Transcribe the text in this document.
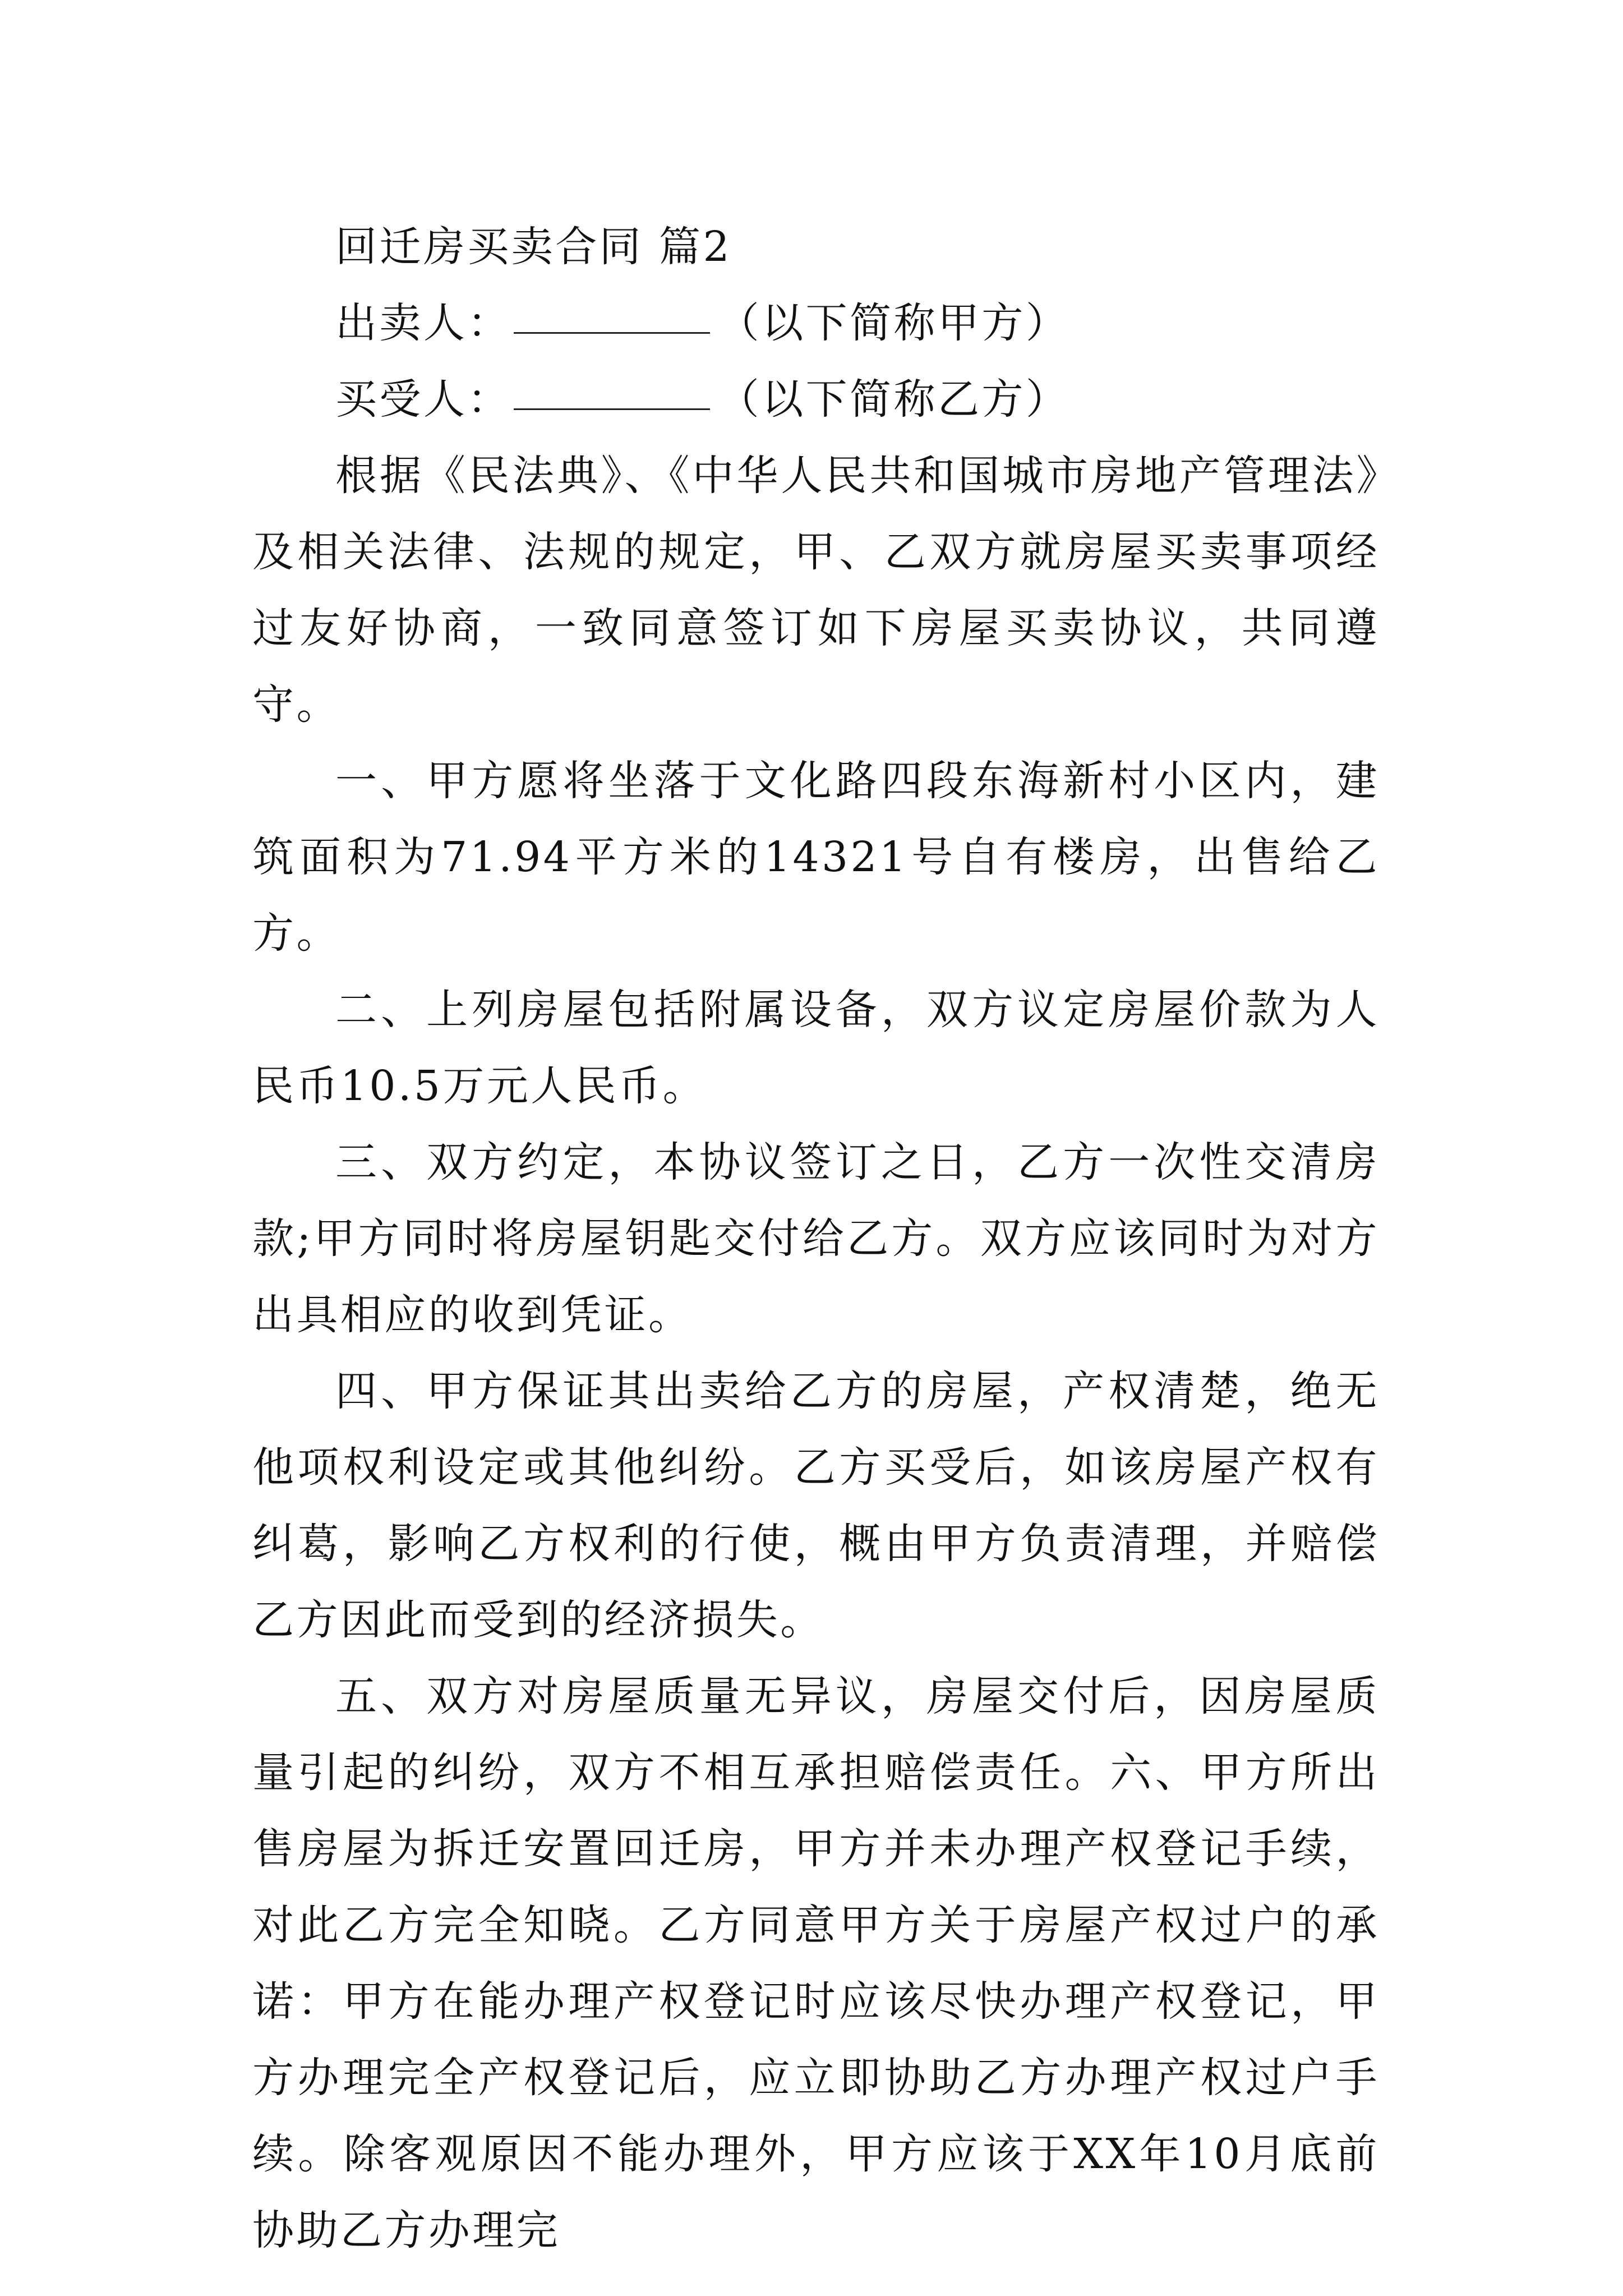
回迁房买卖合同 篇2
出卖人：	（以下简称甲方）
买受人：	（以下简称乙方）

根据《民法典》、《中华人民共和国城市房地产管理法》及相关法律、法规的规定，甲、乙双方就房屋买卖事项经过友好协商，一致同意签订如下房屋买卖协议，共同遵守。

一、甲方愿将坐落于文化路四段东海新村小区内，建筑面积为71.94平方米的14321号自有楼房，出售给乙方。

二、上列房屋包括附属设备，双方议定房屋价款为人民币10.5万元人民币。

三、双方约定，本协议签订之日，乙方一次性交清房款;甲方同时将房屋钥匙交付给乙方。双方应该同时为对方出具相应的收到凭证。

四、甲方保证其出卖给乙方的房屋，产权清楚，绝无他项权利设定或其他纠纷。乙方买受后，如该房屋产权有纠葛，影响乙方权利的行使，概由甲方负责清理，并赔偿乙方因此而受到的经济损失。

五、双方对房屋质量无异议，房屋交付后，因房屋质量引起的纠纷，双方不相互承担赔偿责任。六、甲方所出售房屋为拆迁安置回迁房，甲方并未办理产权登记手续，对此乙方完全知晓。乙方同意甲方关于房屋产权过户的承诺：甲方在能办理产权登记时应该尽快办理产权登记，甲方办理完全产权登记后，应立即协助乙方办理产权过户手续。除客观原因不能办理外，甲方应该于XX年10月底前协助乙方办理完
